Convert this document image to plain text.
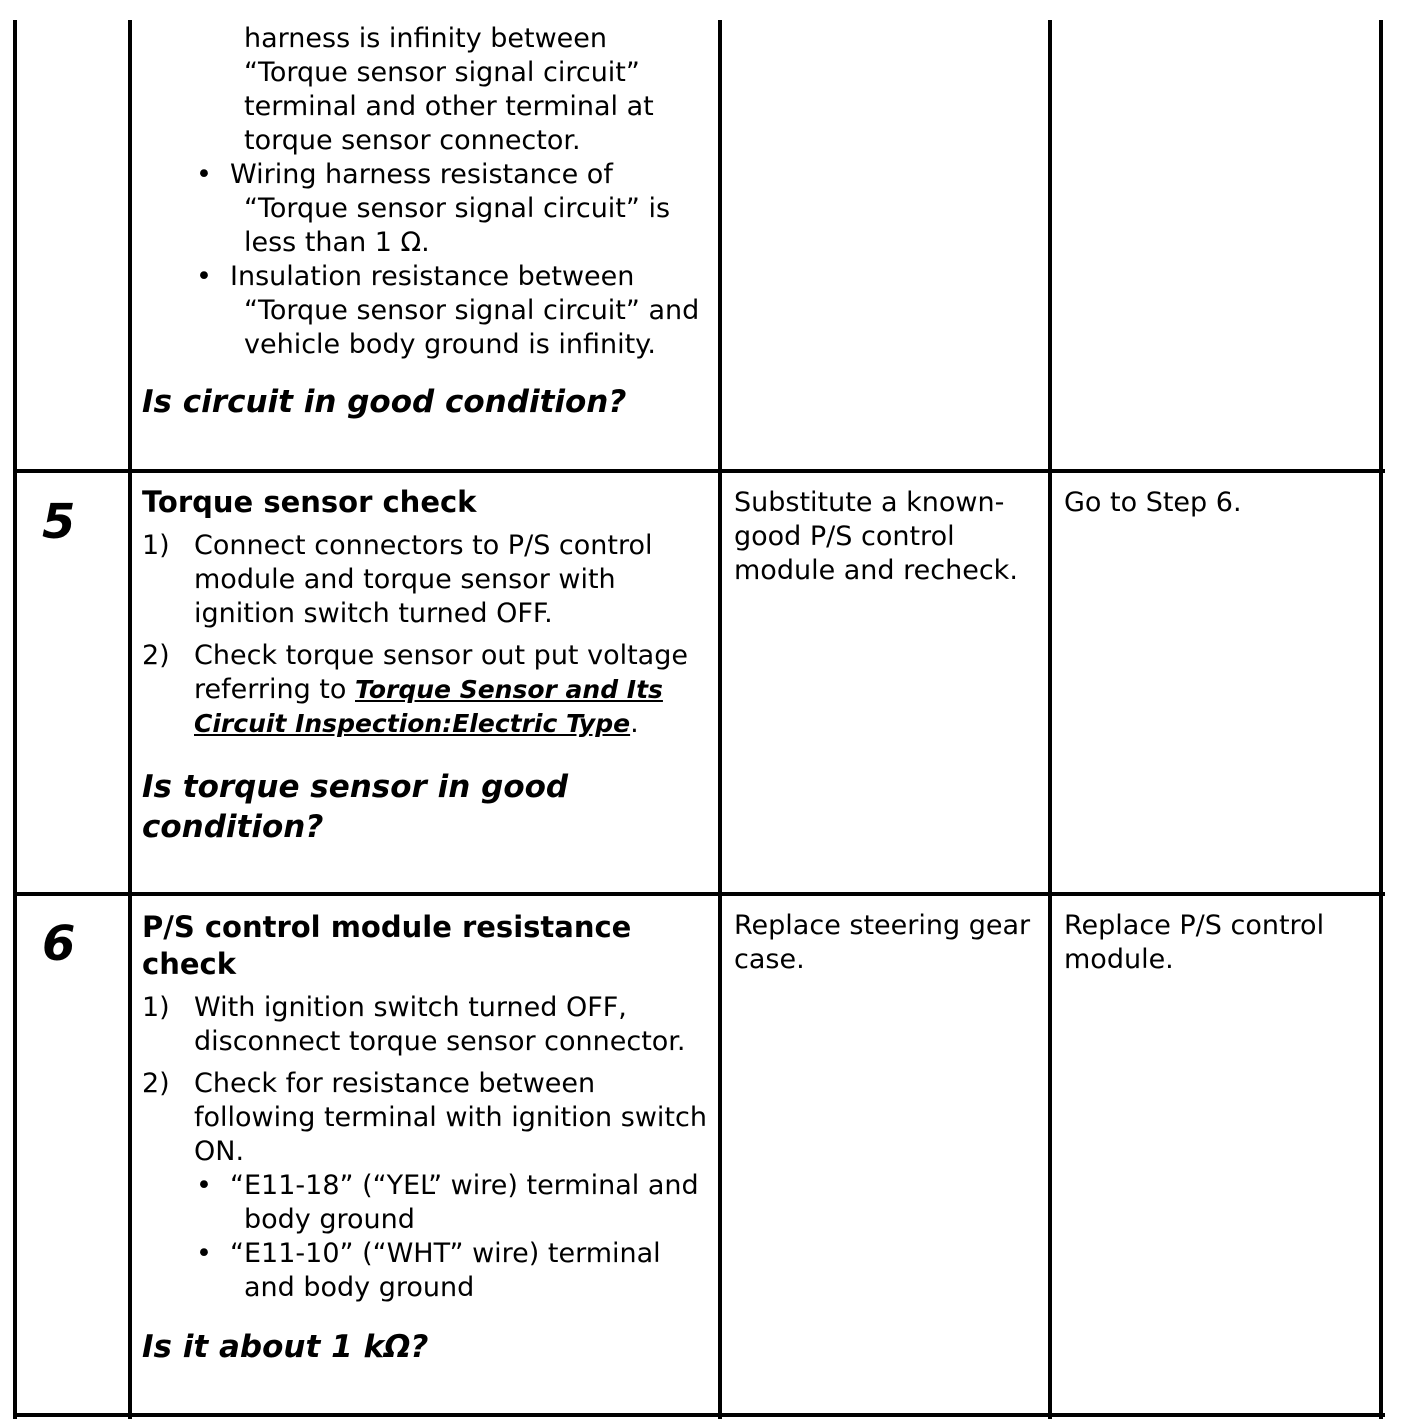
harness is infinity between “Torque sensor signal circuit” terminal and other terminal at torque sensor connector.
• Wiring harness resistance of “Torque sensor signal circuit” is less than 1 Ω.
• Insulation resistance between “Torque sensor signal circuit” and vehicle body ground is infinity.
Is circuit in good condition?
5 Torque sensor check
1) Connect connectors to P/S control module and torque sensor with ignition switch turned OFF.
2) Check torque sensor out put voltage referring to Torque Sensor and Its Circuit Inspection:Electric Type.
Is torque sensor in good condition?
Substitute a known-good P/S control module and recheck.
Go to Step 6.
6 P/S control module resistance check
1) With ignition switch turned OFF, disconnect torque sensor connector.
2) Check for resistance between following terminal with ignition switch ON.
• “E11-18” (“YEL” wire) terminal and body ground
• “E11-10” (“WHT” wire) terminal and body ground
Is it about 1 kΩ?
Replace steering gear case.
Replace P/S control module.
